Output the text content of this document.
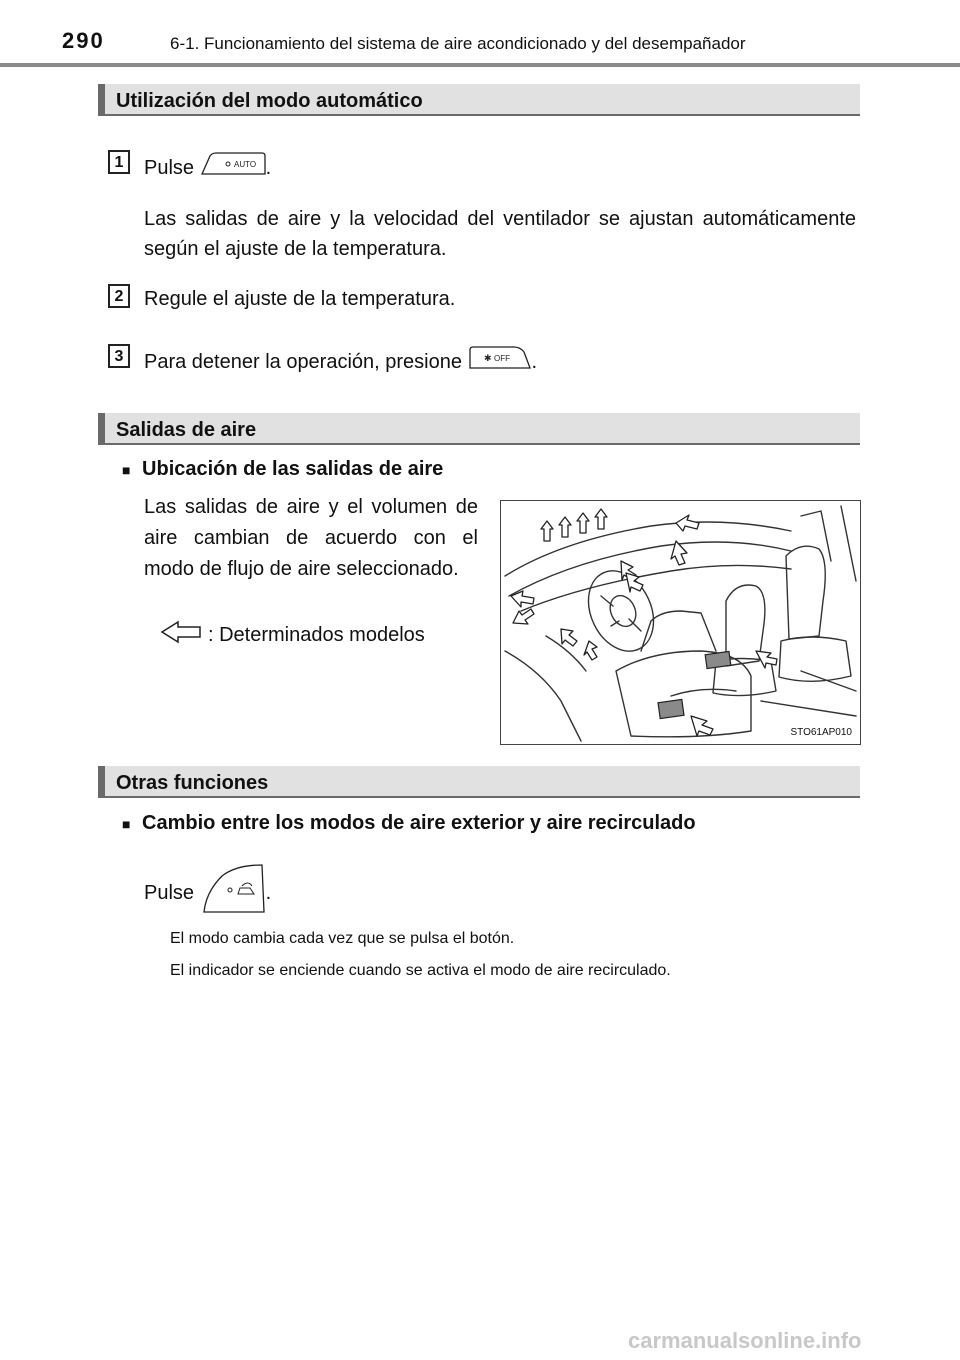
290	6-1. Funcionamiento del sistema de aire acondicionado y del desempañador
Utilización del modo automático
1	Pulse	AUTO .
Las salidas de aire y la velocidad del ventilador se ajustan automáticamente según el ajuste de la temperatura.
2	Regule el ajuste de la temperatura.
3	Para detener la operación, presione ✱ OFF .
Salidas de aire
■ Ubicación de las salidas de aire
Las salidas de aire y el volumen de aire cambian de acuerdo con el modo de flujo de aire seleccionado.
: Determinados modelos
STO61AP010
Otras funciones
■ Cambio entre los modos de aire exterior y aire recirculado
Pulse	.
El modo cambia cada vez que se pulsa el botón.
El indicador se enciende cuando se activa el modo de aire recirculado.
carmanualsonline.info
